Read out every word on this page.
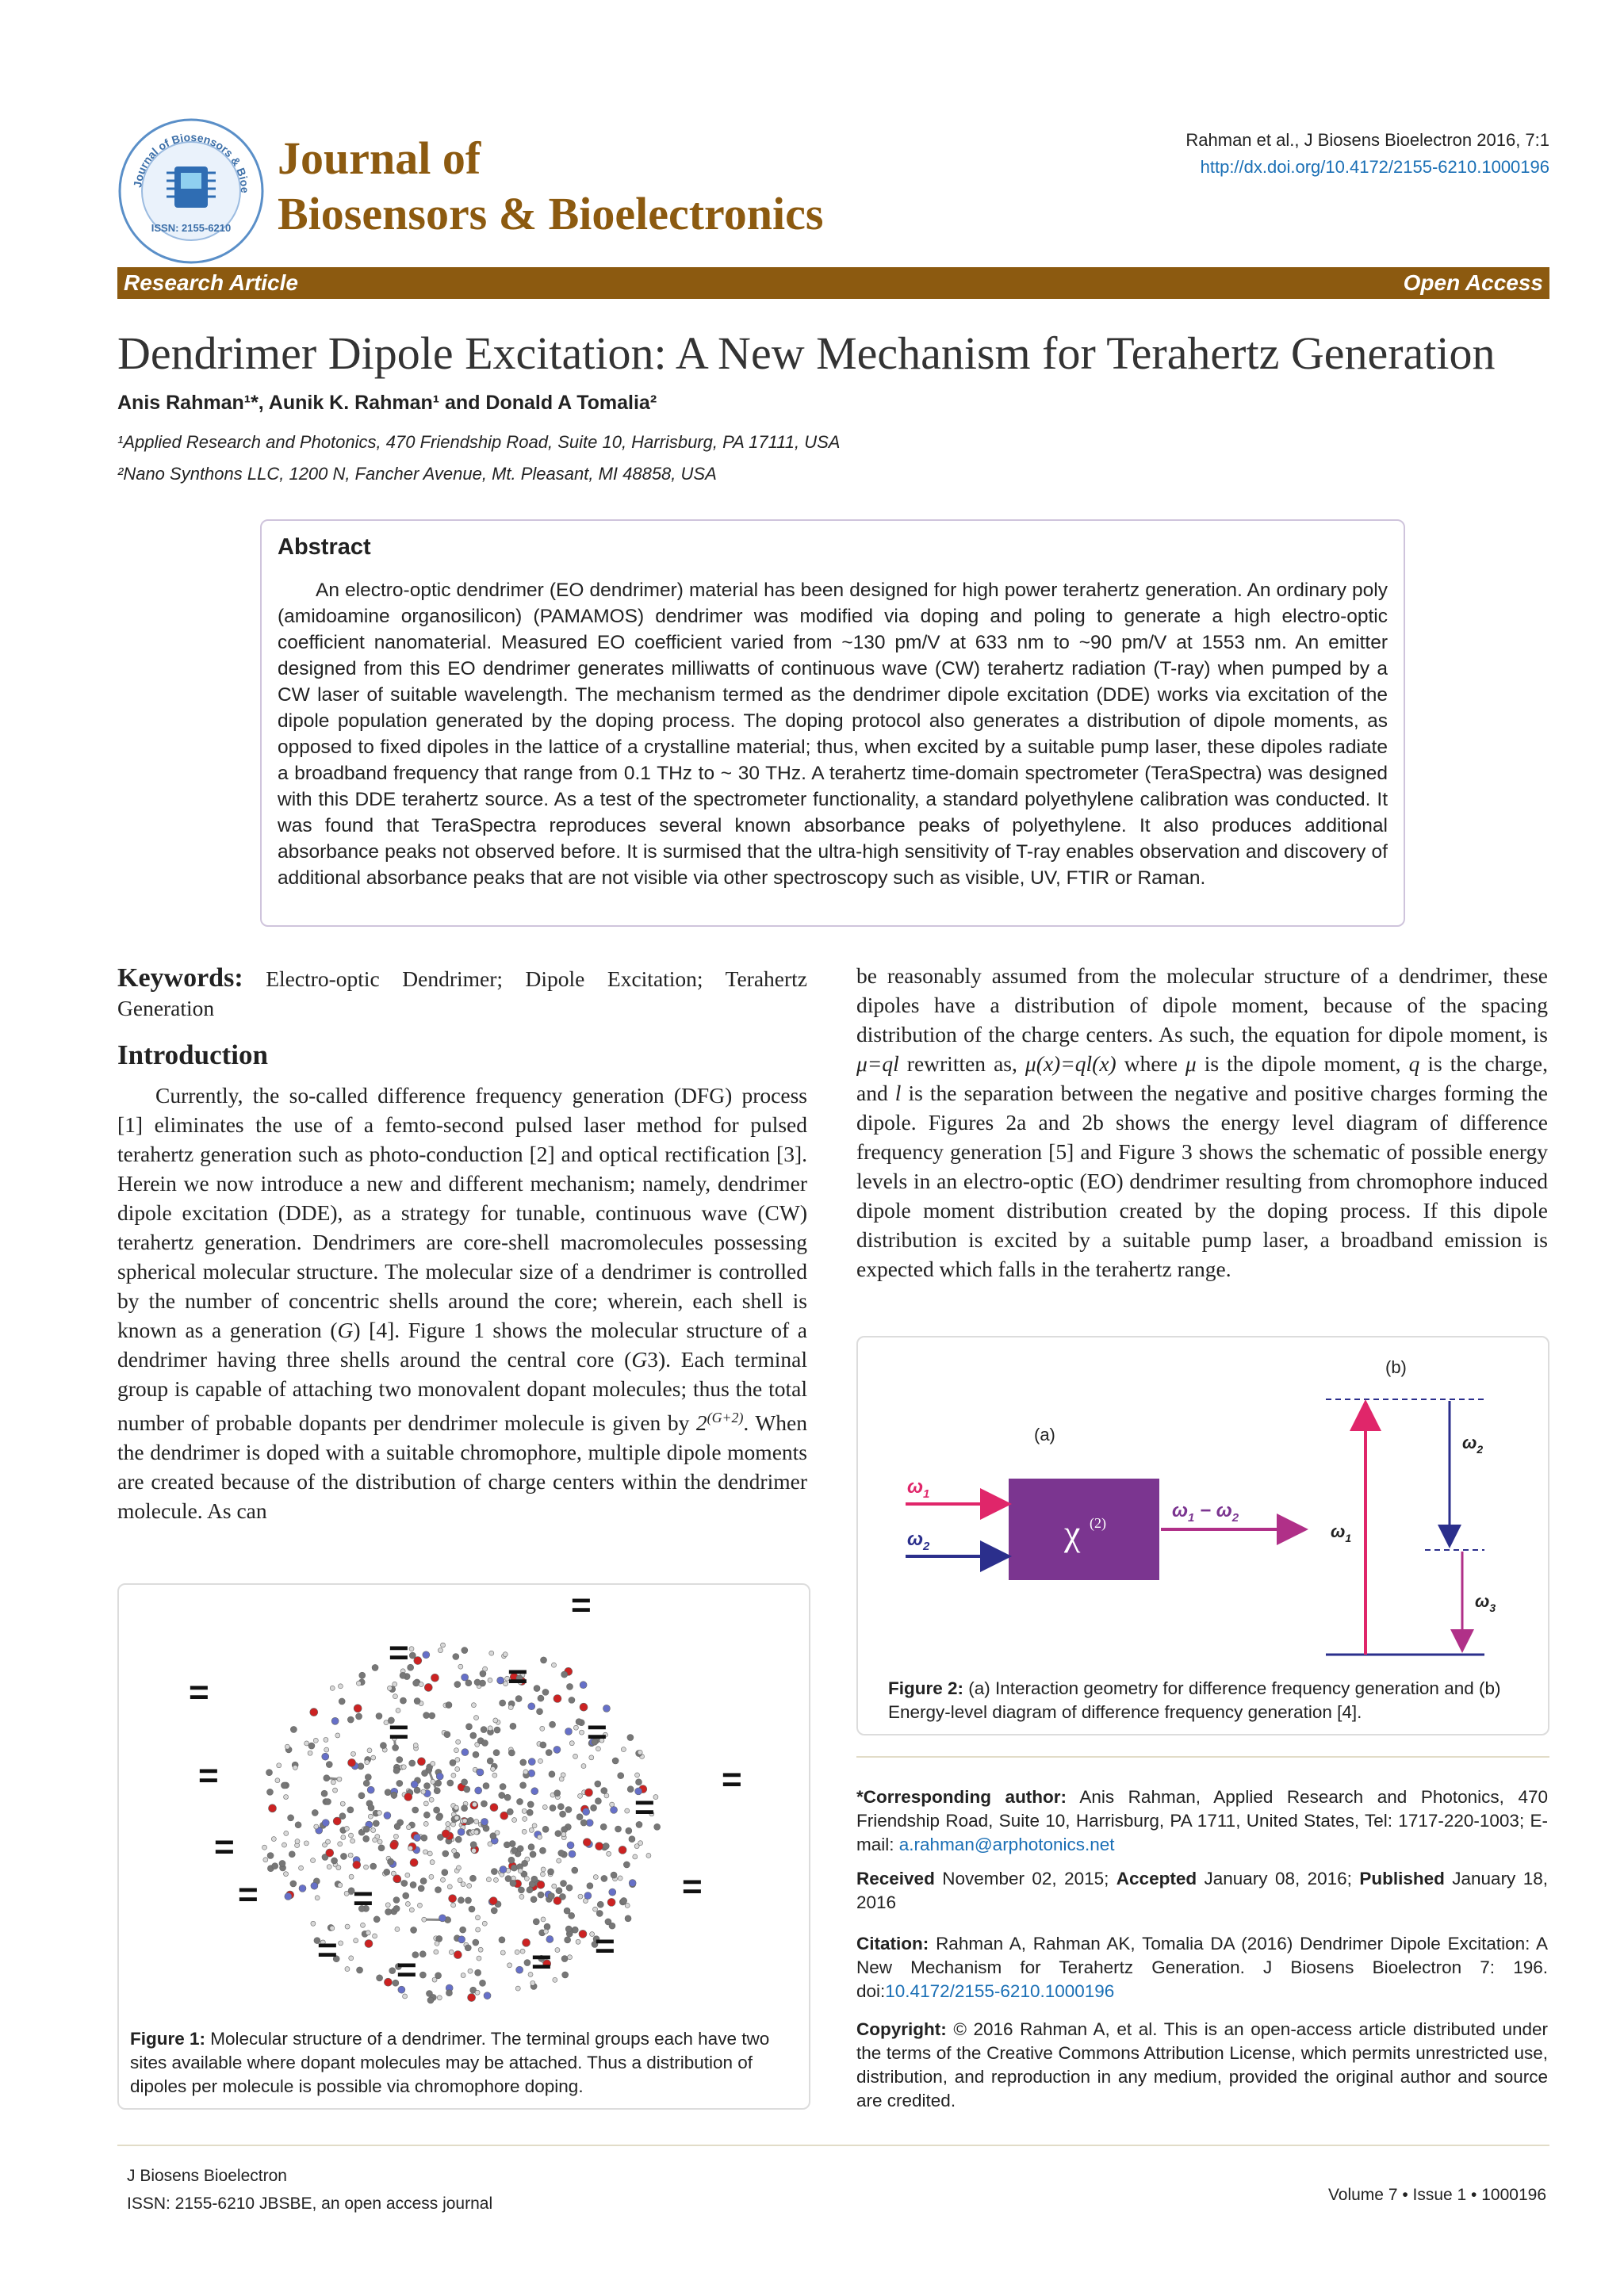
Journal of Biosensors & Bioe
ISSN: 2155-6210
Journal of
Biosensors & Bioelectronics
Rahman et al., J Biosens Bioelectron 2016, 7:1
http://dx.doi.org/10.4172/2155-6210.1000196
Research Article	Open Access
Dendrimer Dipole Excitation: A New Mechanism for Terahertz Generation
Anis Rahman¹*, Aunik K. Rahman¹ and Donald A Tomalia²
¹Applied Research and Photonics, 470 Friendship Road, Suite 10, Harrisburg, PA 17111, USA
²Nano Synthons LLC, 1200 N, Fancher Avenue, Mt. Pleasant, MI 48858, USA
Abstract
An electro-optic dendrimer (EO dendrimer) material has been designed for high power terahertz generation. An ordinary poly (amidoamine organosilicon) (PAMAMOS) dendrimer was modified via doping and poling to generate a high electro-optic coefficient nanomaterial. Measured EO coefficient varied from ~130 pm/V at 633 nm to ~90 pm/V at 1553 nm. An emitter designed from this EO dendrimer generates milliwatts of continuous wave (CW) terahertz radiation (T-ray) when pumped by a CW laser of suitable wavelength. The mechanism termed as the dendrimer dipole excitation (DDE) works via excitation of the dipole population generated by the doping process. The doping protocol also generates a distribution of dipole moments, as opposed to fixed dipoles in the lattice of a crystalline material; thus, when excited by a suitable pump laser, these dipoles radiate a broadband frequency that range from 0.1 THz to ~ 30 THz. A terahertz time-domain spectrometer (TeraSpectra) was designed with this DDE terahertz source. As a test of the spectrometer functionality, a standard polyethylene calibration was conducted. It was found that TeraSpectra reproduces several known absorbance peaks of polyethylene. It also produces additional absorbance peaks not observed before. It is surmised that the ultra-high sensitivity of T-ray enables observation and discovery of additional absorbance peaks that are not visible via other spectroscopy such as visible, UV, FTIR or Raman.
Keywords: Electro-optic Dendrimer; Dipole Excitation; Terahertz Generation
Introduction
Currently, the so-called difference frequency generation (DFG) process [1] eliminates the use of a femto-second pulsed laser method for pulsed terahertz generation such as photo-conduction [2] and optical rectification [3]. Herein we now introduce a new and different mechanism; namely, dendrimer dipole excitation (DDE), as a strategy for tunable, continuous wave (CW) terahertz generation. Dendrimers are core-shell macromolecules possessing spherical molecular structure. The molecular size of a dendrimer is controlled by the number of concentric shells around the core; wherein, each shell is known as a generation (G) [4]. Figure 1 shows the molecular structure of a dendrimer having three shells around the central core (G3). Each terminal group is capable of attaching two monovalent dopant molecules; thus the total number of probable dopants per dendrimer molecule is given by $2^{(G+2)}$. When the dendrimer is doped with a suitable chromophore, multiple dipole moments are created because of the distribution of charge centers within the dendrimer molecule. As can
=
=
=	=
=
=
=
=
=
=	=	=
=
=	= =
=
Figure 1: Molecular structure of a dendrimer. The terminal groups each have two sites available where dopant molecules may be attached. Thus a distribution of dipoles per molecule is possible via chromophore doping.
be reasonably assumed from the molecular structure of a dendrimer, these dipoles have a distribution of dipole moment, because of the spacing distribution of the charge centers. As such, the equation for dipole moment, is μ=ql rewritten as, μ(x)=ql(x) where μ is the dipole moment, q is the charge, and l is the separation between the negative and positive charges forming the dipole. Figures 2a and 2b shows the energy level diagram of difference frequency generation [5] and Figure 3 shows the schematic of possible energy levels in an electro-optic (EO) dendrimer resulting from chromophore induced dipole moment distribution created by the doping process. If this dipole distribution is excited by a suitable pump laser, a broadband emission is expected which falls in the terahertz range.
(a)
χ (2)
$\omega_1$
$\omega_2$
$\omega_1 - \omega_2$
(b)
$\omega_1$
$\omega_2$
$\omega_3$
Figure 2: (a) Interaction geometry for difference frequency generation and (b) Energy-level diagram of difference frequency generation [4].
*Corresponding author: Anis Rahman, Applied Research and Photonics, 470 Friendship Road, Suite 10, Harrisburg, PA 1711, United States, Tel: 1717-220-1003; E-mail: a.rahman@arphotonics.net
Received November 02, 2015; Accepted January 08, 2016; Published January 18, 2016
Citation: Rahman A, Rahman AK, Tomalia DA (2016) Dendrimer Dipole Excitation: A New Mechanism for Terahertz Generation. J Biosens Bioelectron 7: 196. doi:10.4172/2155-6210.1000196
Copyright: © 2016 Rahman A, et al. This is an open-access article distributed under the terms of the Creative Commons Attribution License, which permits unrestricted use, distribution, and reproduction in any medium, provided the original author and source are credited.
J Biosens Bioelectron
ISSN: 2155-6210 JBSBE, an open access journal	Volume 7 • Issue 1 • 1000196
